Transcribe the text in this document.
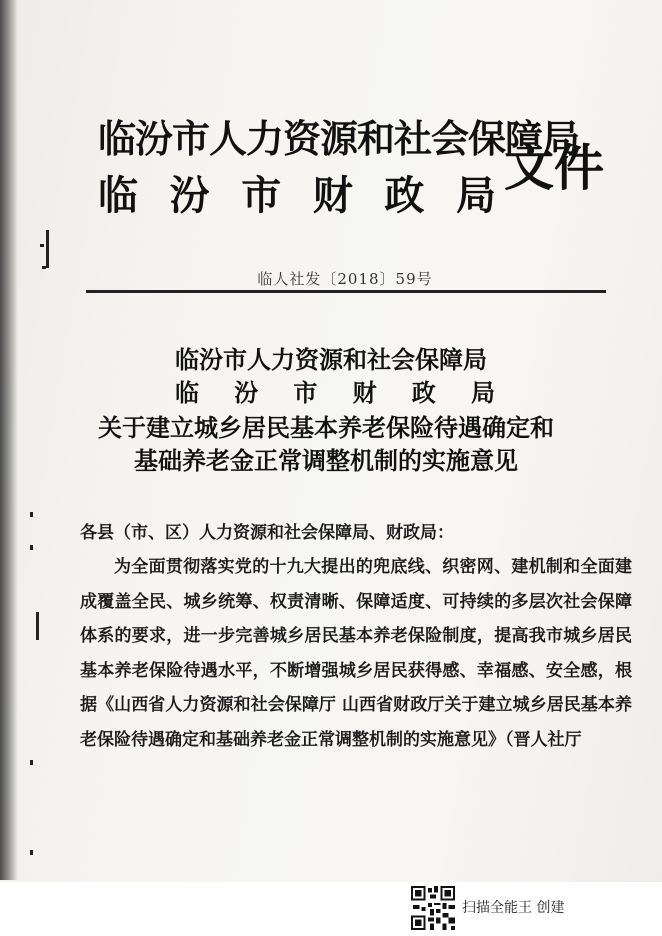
临汾市人力资源和社会保障局
临 汾 市 财 政 局 文件
临人社发〔2018〕59号
临汾市人力资源和社会保障局
临 汾 市 财 政 局
关于建立城乡居民基本养老保险待遇确定和
基础养老金正常调整机制的实施意见
各县（市、区）人力资源和社会保障局、财政局：
为全面贯彻落实党的十九大提出的兜底线、织密网、建机制和全面建成覆盖全民、城乡统筹、权责清晰、保障适度、可持续的多层次社会保障体系的要求，进一步完善城乡居民基本养老保险制度，提高我市城乡居民基本养老保险待遇水平，不断增强城乡居民获得感、幸福感、安全感，根据《山西省人力资源和社会保障厅 山西省财政厅关于建立城乡居民基本养老保险待遇确定和基础养老金正常调整机制的实施意见》（晋人社厅
扫描全能王 创建
